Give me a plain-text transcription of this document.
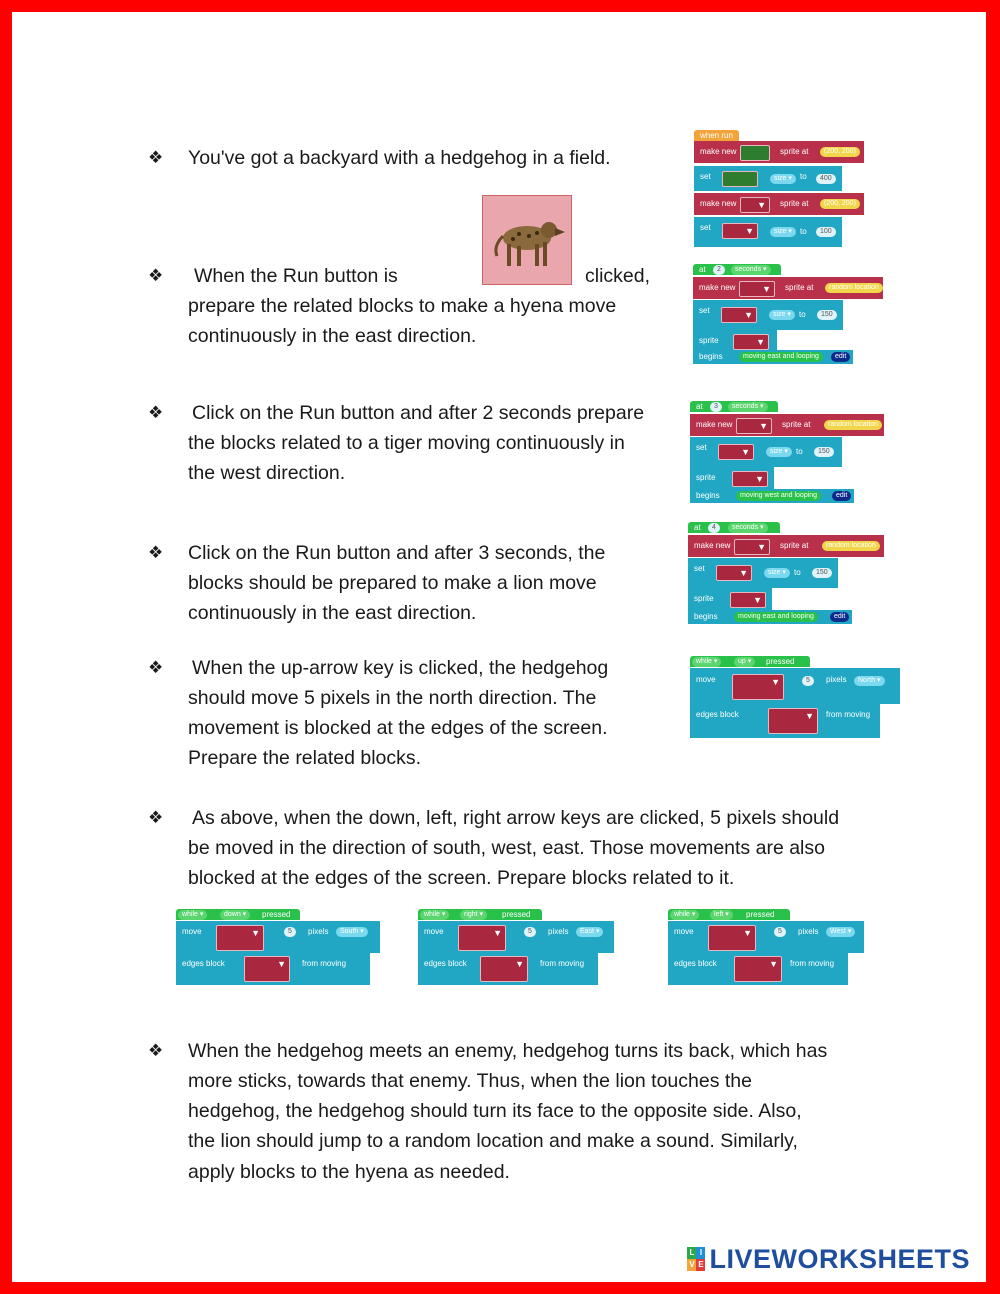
❖ You've got a backyard with a hedgehog in a field.
❖	When the Run button is	clicked,
prepare the related blocks to make a hyena move
continuously in the east direction.
❖ Click on the Run button and after 2 seconds prepare
the blocks related to a tiger moving continuously in
the west direction.
❖ Click on the Run button and after 3 seconds, the
blocks should be prepared to make a lion move
continuously in the east direction.
❖ When the up-arrow key is clicked, the hedgehog
should move 5 pixels in the north direction. The
movement is blocked at the edges of the screen.
Prepare the related blocks.
❖ As above, when the down, left, right arrow keys are clicked, 5 pixels should
be moved in the direction of south, west, east. Those movements are also
blocked at the edges of the screen. Prepare blocks related to it.
❖ When the hedgehog meets an enemy, hedgehog turns its back, which has
more sticks, towards that enemy. Thus, when the lion touches the
hedgehog, the hedgehog should turn its face to the opposite side. Also,
the lion should jump to a random location and make a sound. Similarly,
apply blocks to the hyena as needed.
when run
make new	sprite at	(200, 200)
set	size ▾	to	400
make new ▼	sprite at	(200, 200)
set ▼	size ▾	to	100
at	2	seconds ▾
make new ▼	sprite at	random location
set ▼	size ▾	to	150
sprite
▼
begins	moving east and looping	edit
at	3	seconds ▾
make new ▼	sprite at	random location
set ▼	size ▾	to	150
sprite
▼
begins	moving west and looping	edit
at	4	seconds ▾
make new ▼	sprite at	random location
set ▼	size ▾	to	150
sprite
▼
begins	moving east and looping	edit
while ▾	up ▾	pressed
move ▼	5	pixels	North ▾
edges block ▼	from moving
while ▾	down ▾	pressed
move ▼	5	pixels	South ▾
edges block ▼	from moving
while ▾	right ▾	pressed
move ▼	5	pixels	East ▾
edges block ▼	from moving
while ▾	left ▾	pressed
move ▼	5	pixels	West ▾
edges block ▼	from moving
L I
V E LIVEWORKSHEETS
